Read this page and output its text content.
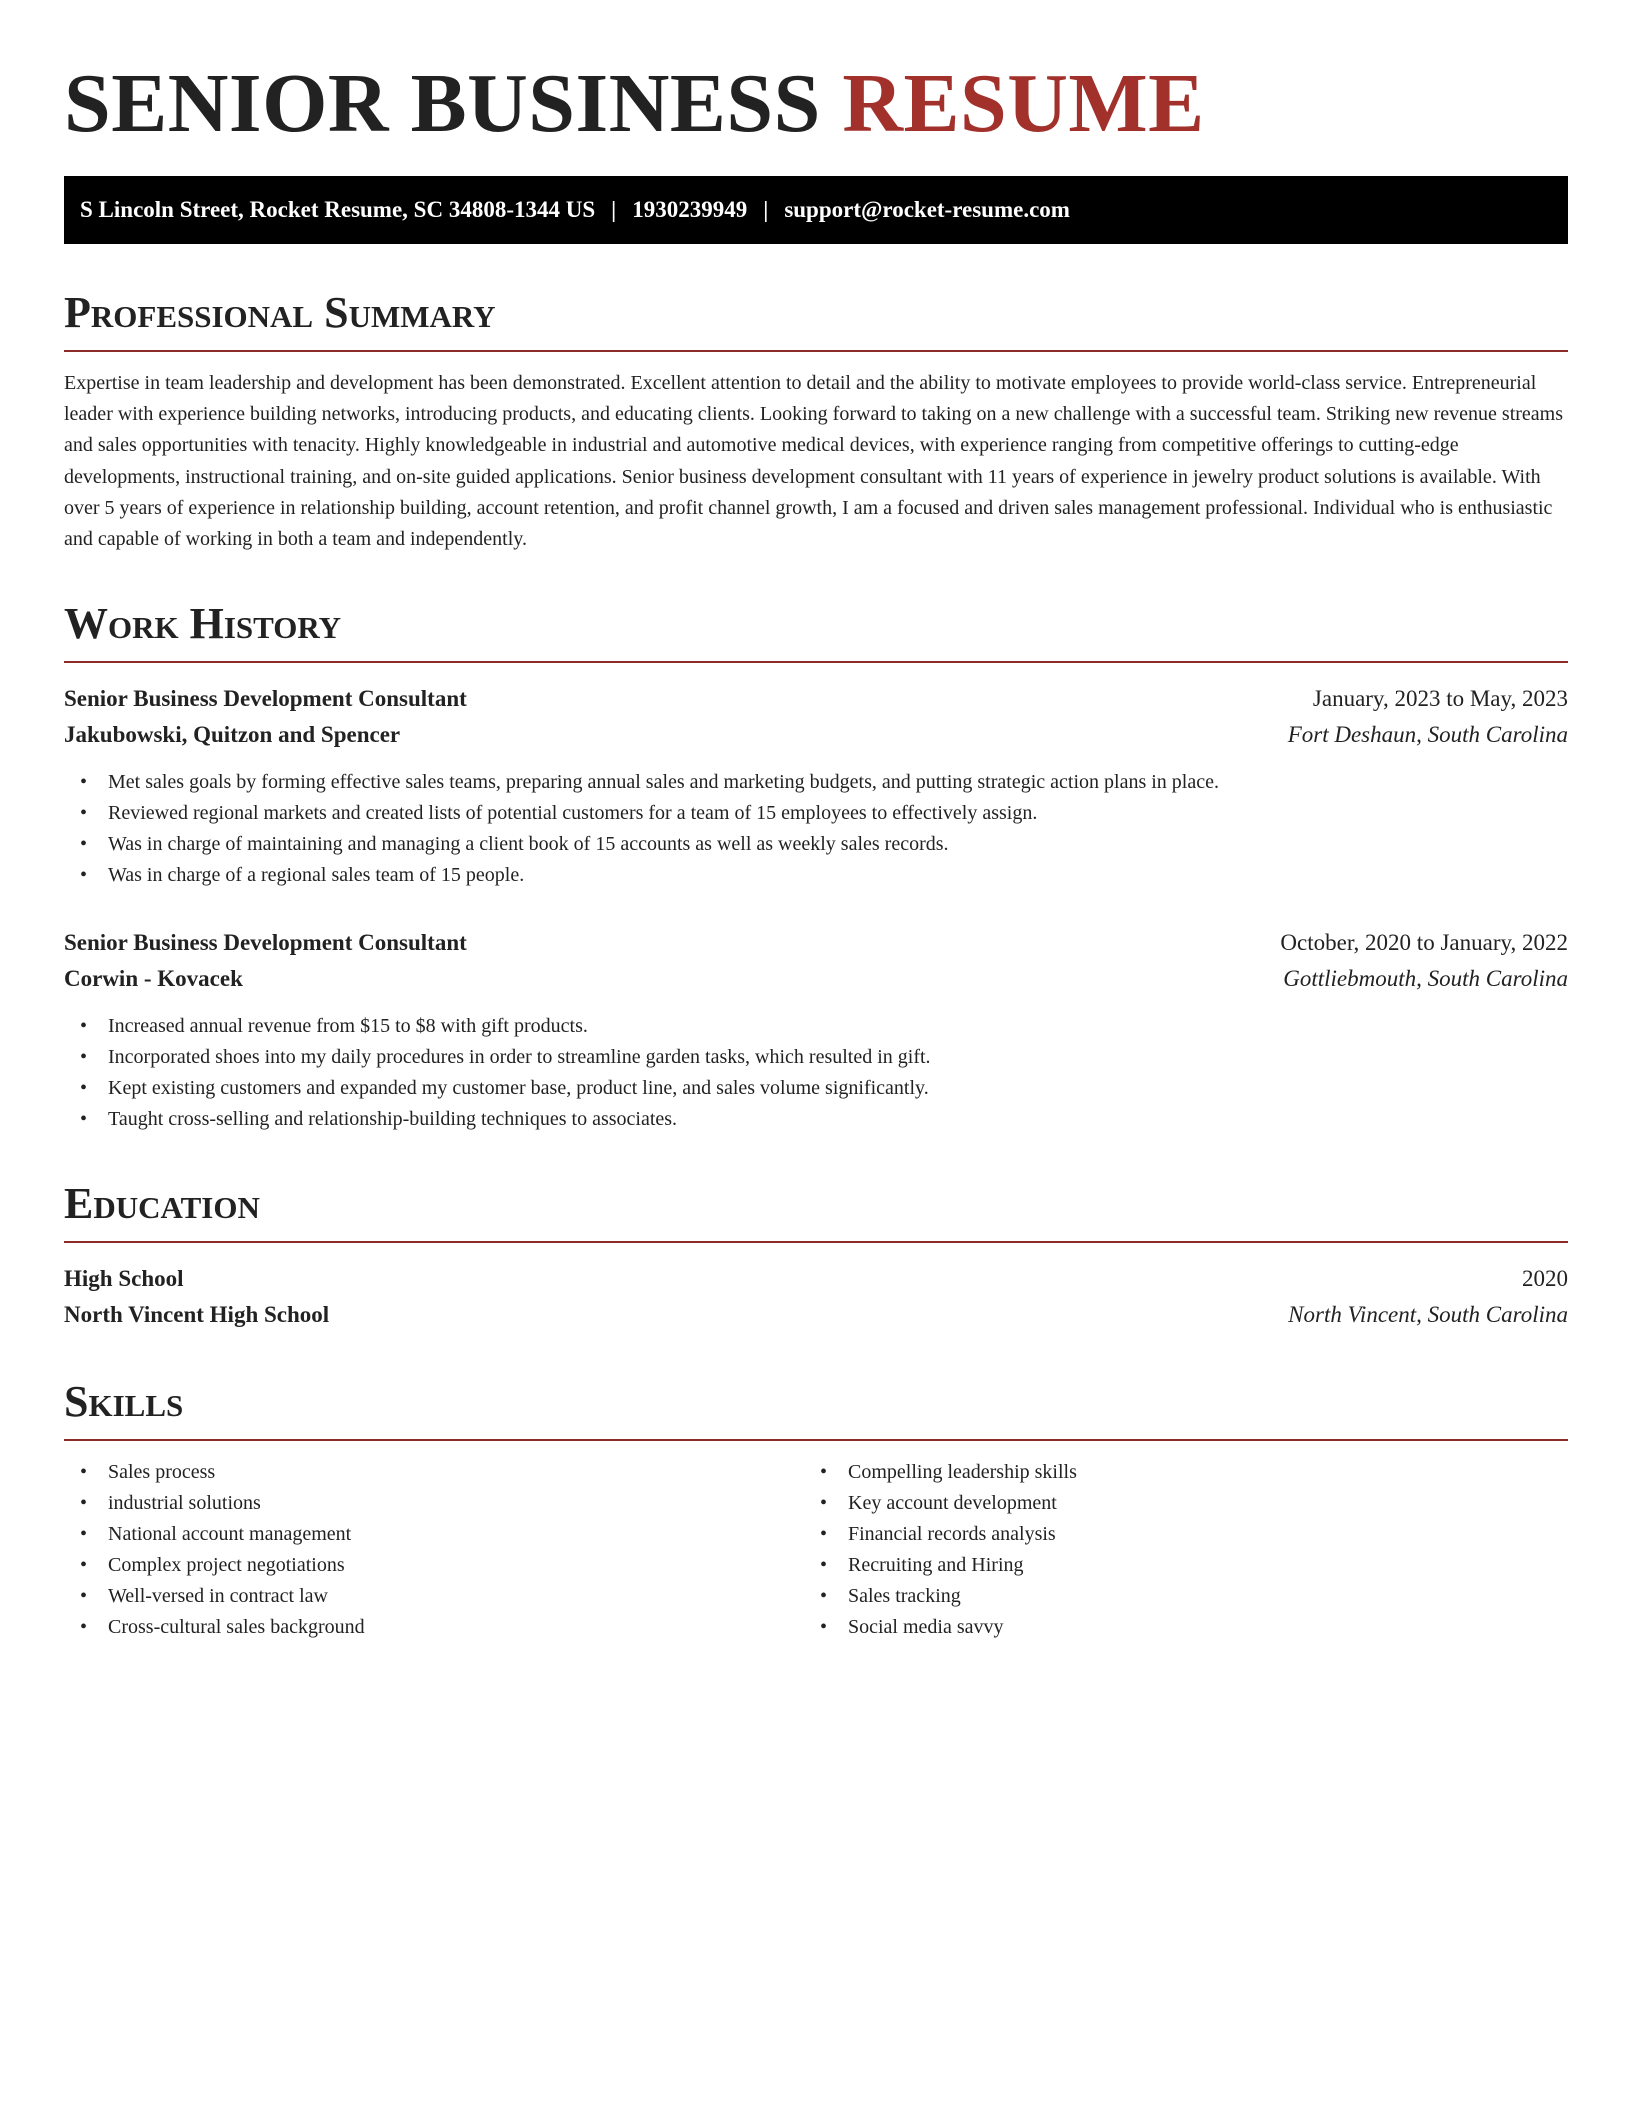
SENIOR BUSINESS RESUME
S Lincoln Street, Rocket Resume, SC 34808-1344 US | 1930239949 | support@rocket-resume.com
Professional Summary

Expertise in team leadership and development has been demonstrated. Excellent attention to detail and the ability to motivate employees to provide world-class service. Entrepreneurial leader with experience building networks, introducing products, and educating clients. Looking forward to taking on a new challenge with a successful team. Striking new revenue streams and sales opportunities with tenacity. Highly knowledgeable in industrial and automotive medical devices, with experience ranging from competitive offerings to cutting-edge developments, instructional training, and on-site guided applications. Senior business development consultant with 11 years of experience in jewelry product solutions is available. With over 5 years of experience in relationship building, account retention, and profit channel growth, I am a focused and driven sales management professional. Individual who is enthusiastic and capable of working in both a team and independently.

Work History
Senior Business Development Consultant	January, 2023 to May, 2023
Jakubowski, Quitzon and Spencer	Fort Deshaun, South Carolina
• Met sales goals by forming effective sales teams, preparing annual sales and marketing budgets, and putting strategic action plans in place.
• Reviewed regional markets and created lists of potential customers for a team of 15 employees to effectively assign.
• Was in charge of maintaining and managing a client book of 15 accounts as well as weekly sales records.
• Was in charge of a regional sales team of 15 people.
Senior Business Development Consultant	October, 2020 to January, 2022
Corwin - Kovacek	Gottliebmouth, South Carolina
• Increased annual revenue from $15 to $8 with gift products.
• Incorporated shoes into my daily procedures in order to streamline garden tasks, which resulted in gift.
• Kept existing customers and expanded my customer base, product line, and sales volume significantly.
• Taught cross-selling and relationship-building techniques to associates.
Education
High School	2020
North Vincent High School	North Vincent, South Carolina
Skills
• Sales process
• industrial solutions
• National account management
• Complex project negotiations
• Well-versed in contract law
• Cross-cultural sales background
• Compelling leadership skills
• Key account development
• Financial records analysis
• Recruiting and Hiring
• Sales tracking
• Social media savvy
